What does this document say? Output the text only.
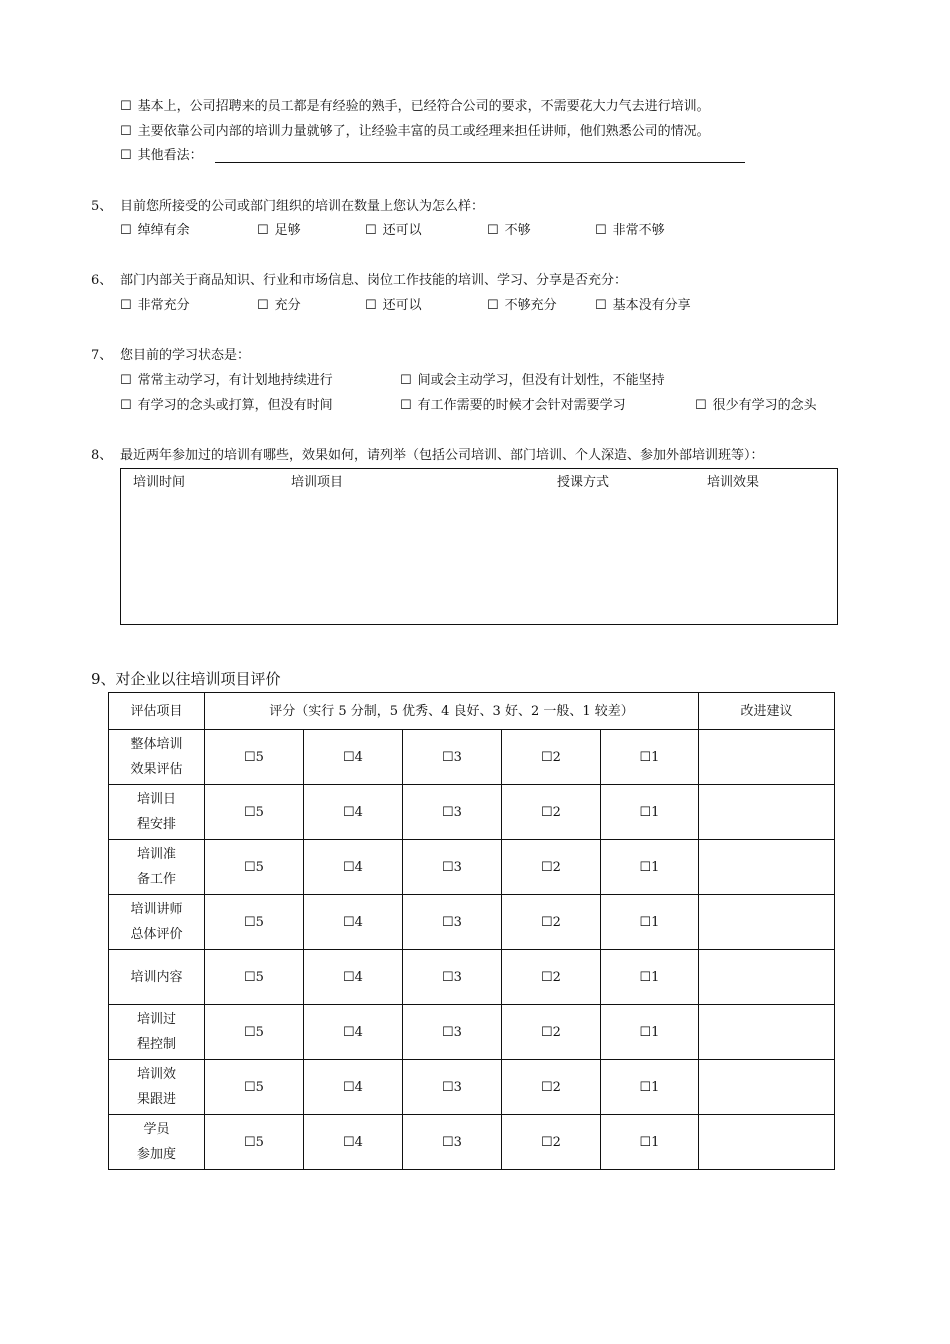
☐ 基本上，公司招聘来的员工都是有经验的熟手，已经符合公司的要求，不需要花大力气去进行培训。
☐ 主要依靠公司内部的培训力量就够了，让经验丰富的员工或经理来担任讲师，他们熟悉公司的情况。
☐ 其他看法：
5、 目前您所接受的公司或部门组织的培训在数量上您认为怎么样：
☐ 绰绰有余	☐ 足够	☐ 还可以	☐ 不够	☐ 非常不够
6、 部门内部关于商品知识、行业和市场信息、岗位工作技能的培训、学习、分享是否充分：
☐ 非常充分	☐ 充分	☐ 还可以	☐ 不够充分	☐ 基本没有分享
7、 您目前的学习状态是：
☐ 常常主动学习，有计划地持续进行	☐ 间或会主动学习，但没有计划性，不能坚持
☐ 有学习的念头或打算，但没有时间	☐ 有工作需要的时候才会针对需要学习	☐ 很少有学习的念头
8、 最近两年参加过的培训有哪些，效果如何，请列举（包括公司培训、部门培训、个人深造、参加外部培训班等）：
培训时间	培训项目	授课方式	培训效果
9、对企业以往培训项目评价
评估项目	评分（实行 5 分制，5 优秀、4 良好、3 好、2 一般、1 较差）					改进建议
整体培训
效果评估	☐5	☐4	☐3	☐2	☐1	
培训日
程安排	☐5	☐4	☐3	☐2	☐1	
培训准
备工作	☐5	☐4	☐3	☐2	☐1	
培训讲师
总体评价	☐5	☐4	☐3	☐2	☐1	
培训内容	☐5	☐4	☐3	☐2	☐1	
培训过
程控制	☐5	☐4	☐3	☐2	☐1	
培训效
果跟进	☐5	☐4	☐3	☐2	☐1	
学员
参加度	☐5	☐4	☐3	☐2	☐1	
